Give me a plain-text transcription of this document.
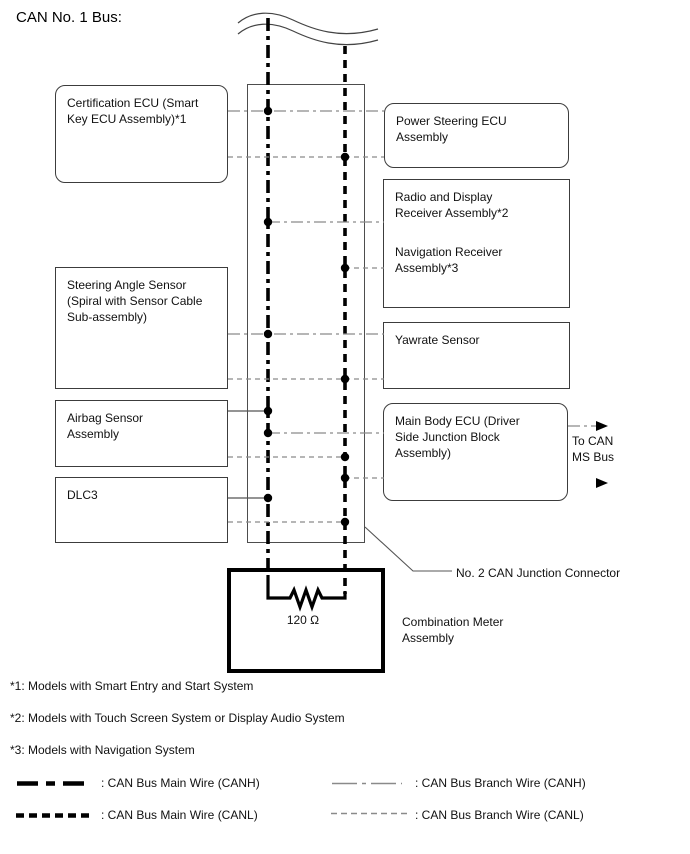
CAN No. 1 Bus:
Certification ECU (Smart
Key ECU Assembly)*1
Steering Angle Sensor
(Spiral with Sensor Cable
Sub-assembly)
Airbag Sensor
Assembly
DLC3
Power Steering ECU
Assembly
Radio and Display
Receiver Assembly*2
Navigation Receiver
Assembly*3
Yawrate Sensor
Main Body ECU (Driver
Side Junction Block
Assembly)
To CAN
MS Bus
No. 2 CAN Junction Connector
120 Ω	Combination Meter
Assembly
*1: Models with Smart Entry and Start System
*2: Models with Touch Screen System or Display Audio System
*3: Models with Navigation System
: CAN Bus Main Wire (CANH)
: CAN Bus Main Wire (CANL)
: CAN Bus Branch Wire (CANH)
: CAN Bus Branch Wire (CANL)
